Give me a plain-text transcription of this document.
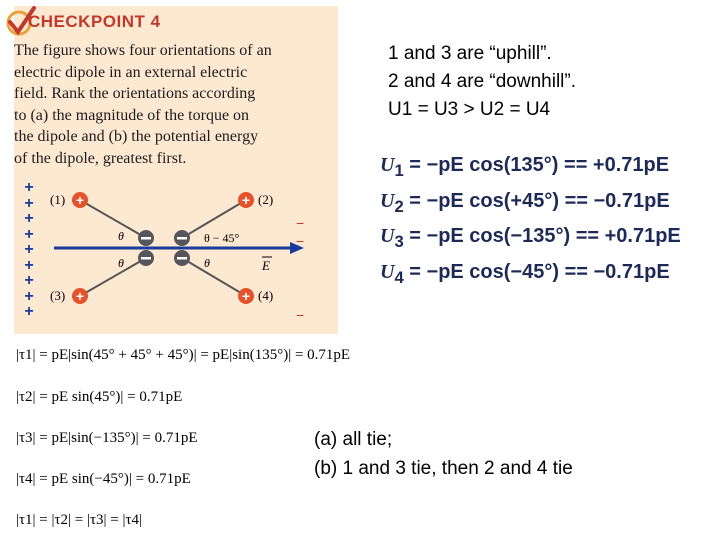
CHECKPOINT 4
The figure shows four orientations of an
electric dipole in an external electric
field. Rank the orientations according
to (a) the magnitude of the torque on
the dipole and (b) the potential energy
of the dipole, greatest first.
+
+
+
+
+
+
+
+
+
+	+
+	+
(1)	(2)
(3)	(4)
θ
θ
θ − 45°
θ	E
−
−
−
1 and 3 are “uphill”.
2 and 4 are “downhill”.
U1 = U3 > U2 = U4
$U_1 = -pE$ cos(135°) == +0.71pE
$U_2 = -pE$ cos(+45°) == −0.71pE
$U_3 = -pE$ cos(−135°) == +0.71pE
$U_4 = -pE$ cos(−45°) == −0.71pE
|τ1| = pE|sin(45° + 45° + 45°)| = pE|sin(135°)| = 0.71pE
|τ2| = pE sin(45°)| = 0.71pE
|τ3| = pE|sin(−135°)| = 0.71pE
|τ4| = pE sin(−45°)| = 0.71pE
|τ1| = |τ2| = |τ3| = |τ4|
(a) all tie;
(b) 1 and 3 tie, then 2 and 4 tie
